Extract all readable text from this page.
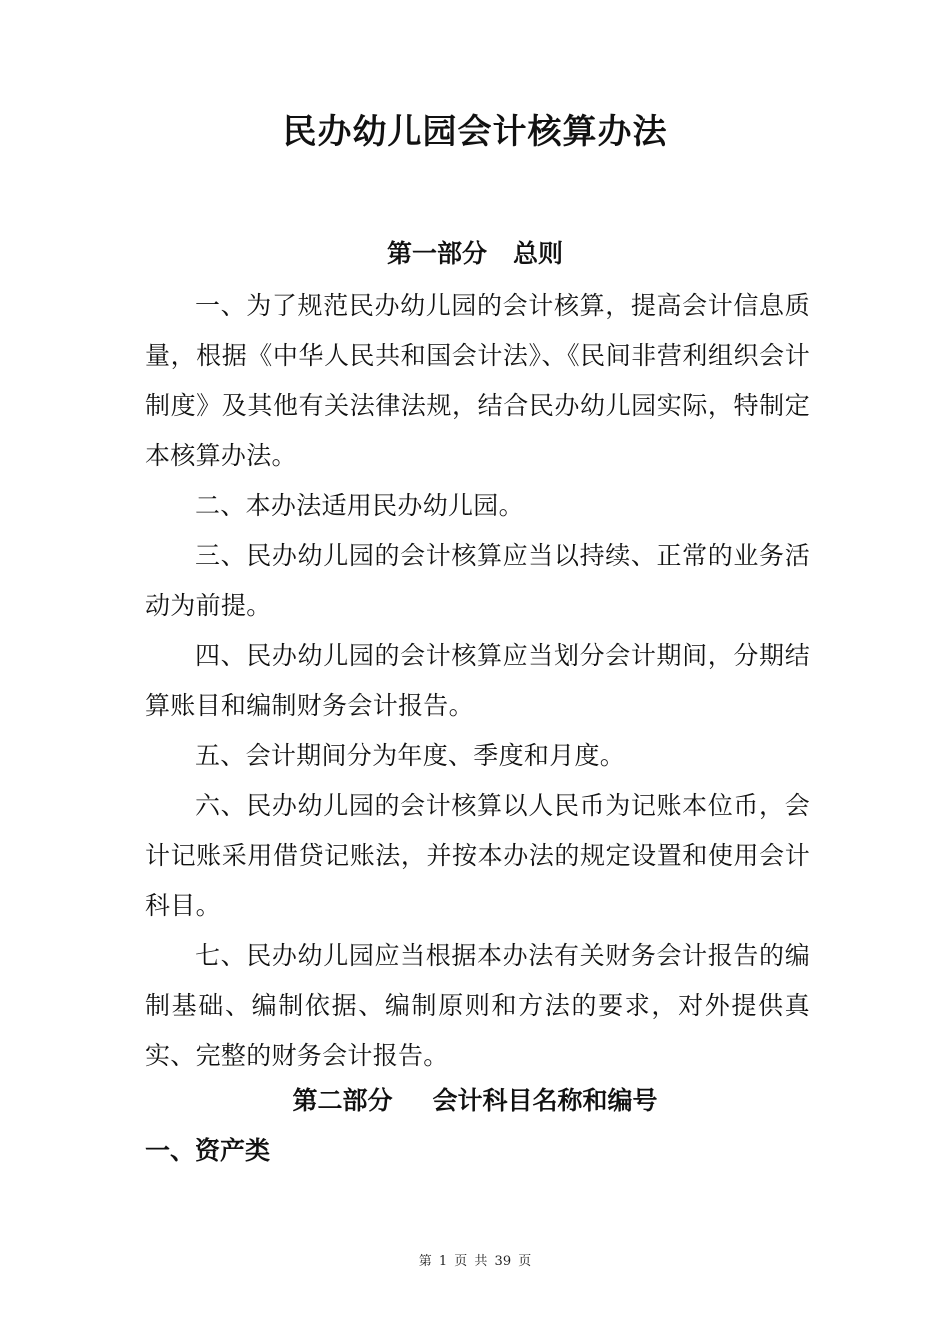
民办幼儿园会计核算办法
第一部分 总则

一、为了规范民办幼儿园的会计核算，提高会计信息质量，根据《中华人民共和国会计法》、《民间非营利组织会计制度》及其他有关法律法规，结合民办幼儿园实际，特制定本核算办法。

二、本办法适用民办幼儿园。

三、民办幼儿园的会计核算应当以持续、正常的业务活动为前提。

四、民办幼儿园的会计核算应当划分会计期间，分期结算账目和编制财务会计报告。

五、会计期间分为年度、季度和月度。

六、民办幼儿园的会计核算以人民币为记账本位币，会计记账采用借贷记账法，并按本办法的规定设置和使用会计科目。

七、民办幼儿园应当根据本办法有关财务会计报告的编制基础、编制依据、编制原则和方法的要求，对外提供真实、完整的财务会计报告。

第二部分 会计科目名称和编号
一、资产类
第 1 页 共 39 页
